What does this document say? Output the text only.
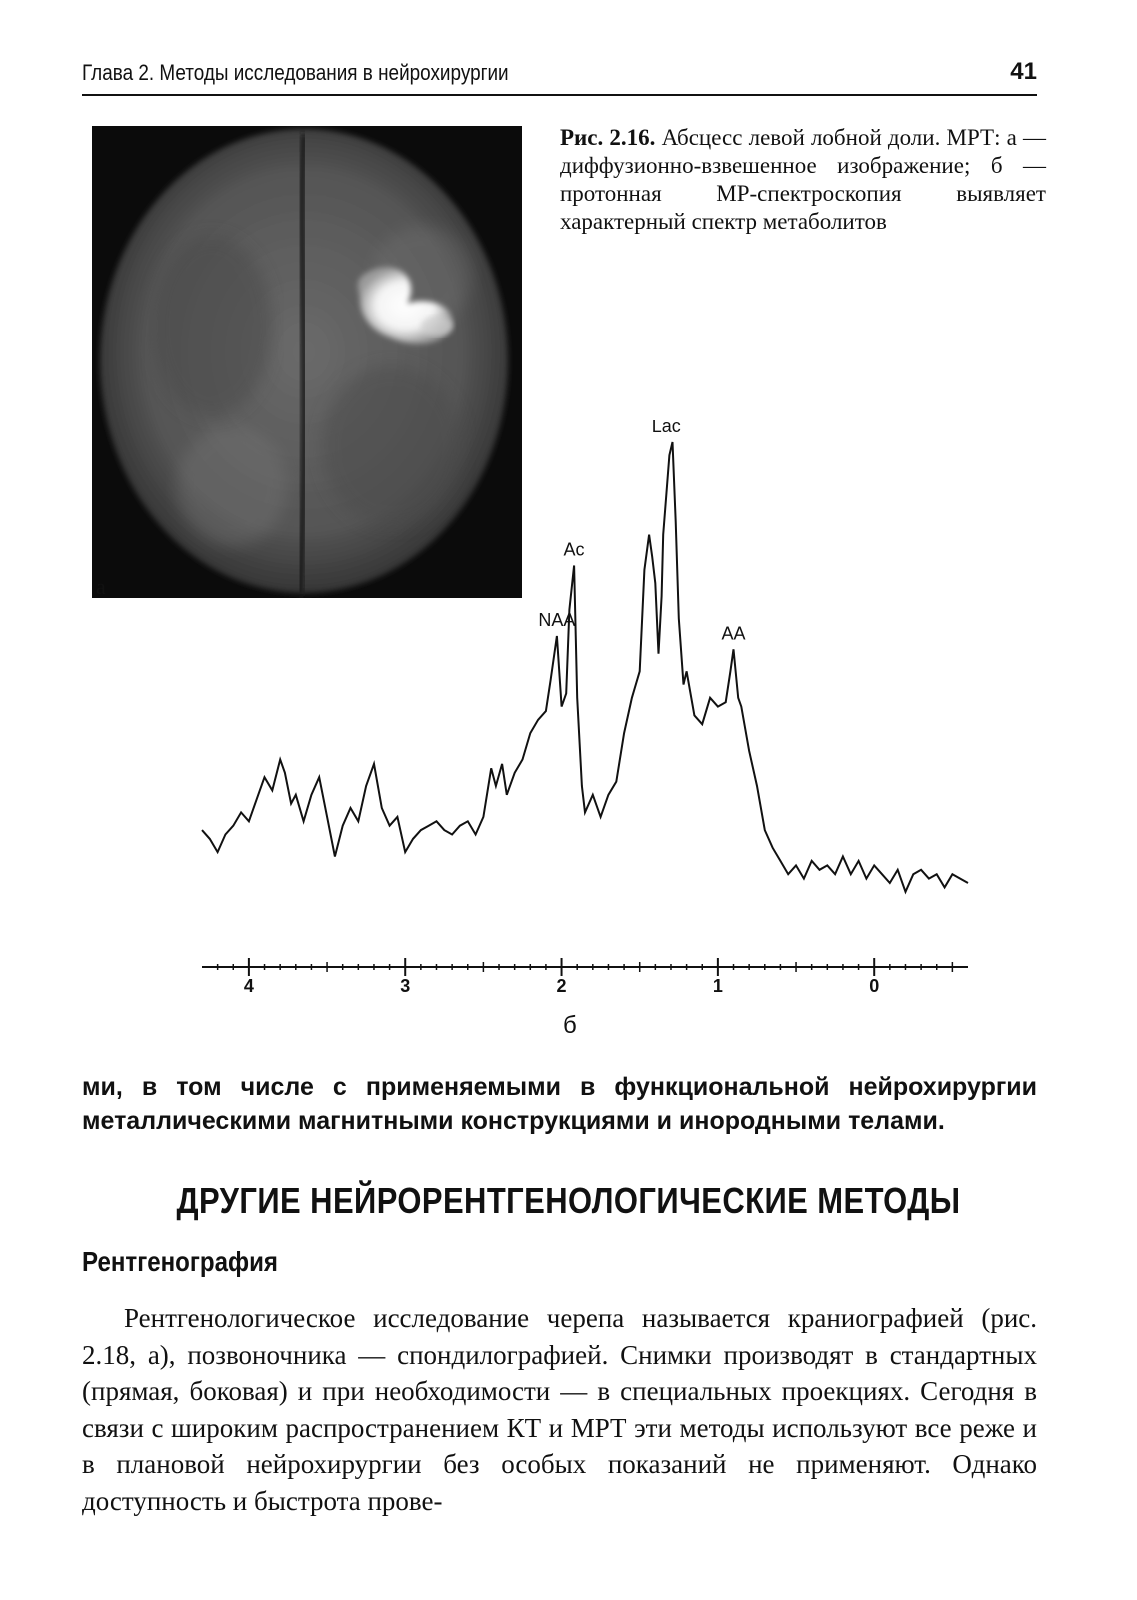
Глава 2. Методы исследования в нейрохирургии	41
а
Рис. 2.16. Абсцесс левой лобной доли. МРТ: а — диффузионно-взвешенное изображение; б — протонная МР-спектроскопия выявляет характерный спектр метаболитов
NAA
Ac
Lac
AA
4	3	2	1	0
б
ми, в том числе с применяемыми в функциональной нейрохирургии металлическими магнитными конструкциями и инородными телами.
ДРУГИЕ НЕЙРОРЕНТГЕНОЛОГИЧЕСКИЕ МЕТОДЫ
Рентгенография
Рентгенологическое исследование черепа называется краниографией (рис. 2.18, а), позвоночника — спондилографией. Снимки производят в стандартных (прямая, боковая) и при необходимости — в специальных проекциях. Сегодня в связи с широким распространением КТ и МРТ эти методы используют все реже и в плановой нейрохирургии без особых показаний не применяют. Однако доступность и быстрота прове-
